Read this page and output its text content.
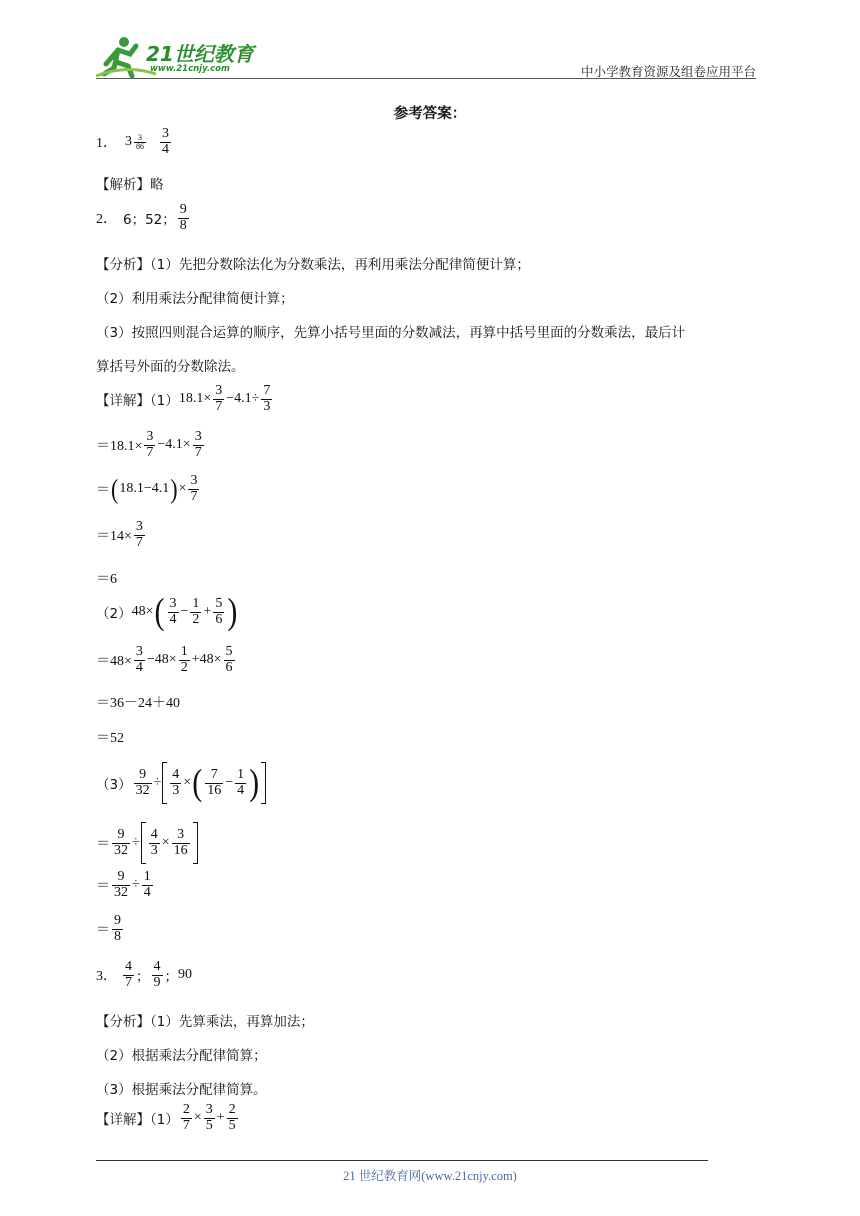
21世纪教育
www.21cnjy.com	中小学教育资源及组卷应用平台
参考答案：
1． $3 \frac{3}{86} \frac{3}{4}$
【解析】略
2． 6；52； $\frac{9}{8}$
【分析】（1）先把分数除法化为分数乘法，再利用乘法分配律简便计算；
（2）利用乘法分配律简便计算；
（3）按照四则混合运算的顺序，先算小括号里面的分数减法，再算中括号里面的分数乘法，最后计
算括号外面的分数除法。
【详解】（1） $18.1\times \frac{3}{7} -4.1\div \frac{7}{3}$
$=18.1\times \frac{3}{7} -4.1\times \frac{3}{7}$
＝ ( 18.1−4.1 ) × $\frac{3}{7}$
$=14\times \frac{3}{7}$
＝6
（2） 48× ( $\frac{3}{4} - \frac{1}{2} + \frac{5}{6}$ )
$=48\times \frac{3}{4} -48\times \frac{1}{2} +48\times \frac{5}{6}$
＝36－24＋40
＝52
$(3) \frac{9}{32} \div \frac{4}{3}$ × ( $\frac{7}{16} - \frac{1}{4}$ )
＝ $\frac{9}{32} \div \frac{4}{3} \times \frac{3}{16}$
＝ $\frac{9}{32} \div \frac{1}{4}$
＝ $\frac{9}{8}$
3． $\frac{4}{7}$ ； $\frac{4}{9}$ ； 90
【分析】（1）先算乘法，再算加法；
（2）根据乘法分配律简算；
（3）根据乘法分配律简算。
【详解】$(1) \frac{2}{7} \times \frac{3}{5} + \frac{2}{5}$
21 世纪教育网(www.21cnjy.com)
